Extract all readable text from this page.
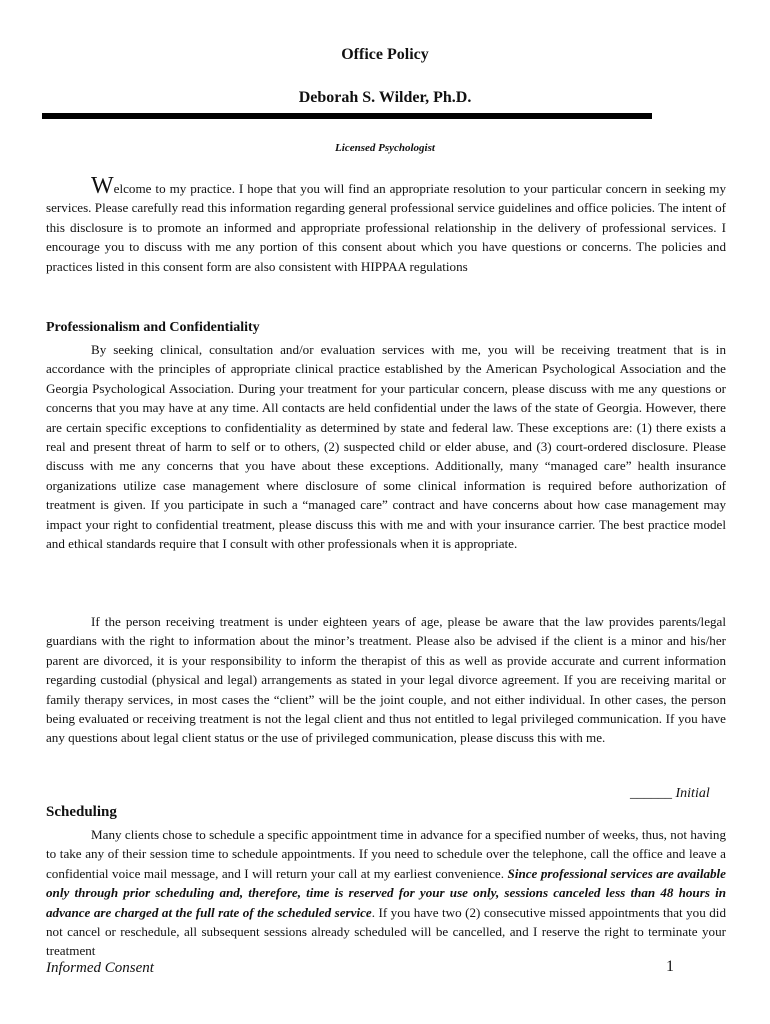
Office Policy
Deborah S. Wilder, Ph.D.
Licensed Psychologist

Welcome to my practice. I hope that you will find an appropriate resolution to your particular concern in seeking my services. Please carefully read this information regarding general professional service guidelines and office policies. The intent of this disclosure is to promote an informed and appropriate professional relationship in the delivery of professional services. I encourage you to discuss with me any portion of this consent about which you have questions or concerns. The policies and practices listed in this consent form are also consistent with HIPPAA regulations

Professionalism and Confidentiality

By seeking clinical, consultation and/or evaluation services with me, you will be receiving treatment that is in accordance with the principles of appropriate clinical practice established by the American Psychological Association and the Georgia Psychological Association. During your treatment for your particular concern, please discuss with me any questions or concerns that you may have at any time. All contacts are held confidential under the laws of the state of Georgia. However, there are certain specific exceptions to confidentiality as determined by state and federal law. These exceptions are: (1) there exists a real and present threat of harm to self or to others, (2) suspected child or elder abuse, and (3) court-ordered disclosure. Please discuss with me any concerns that you have about these exceptions. Additionally, many “managed care” health insurance organizations utilize case management where disclosure of some clinical information is required before authorization of treatment is given. If you participate in such a “managed care” contract and have concerns about how case management may impact your right to confidential treatment, please discuss this with me and with your insurance carrier. The best practice model and ethical standards require that I consult with other professionals when it is appropriate.

If the person receiving treatment is under eighteen years of age, please be aware that the law provides parents/legal guardians with the right to information about the minor’s treatment. Please also be advised if the client is a minor and his/her parent are divorced, it is your responsibility to inform the therapist of this as well as provide accurate and current information regarding custodial (physical and legal) arrangements as stated in your legal divorce agreement. If you are receiving marital or family therapy services, in most cases the “client” will be the joint couple, and not either individual. In other cases, the person being evaluated or receiving treatment is not the legal client and thus not entitled to legal privileged communication. If you have any questions about legal client status or the use of privileged communication, please discuss this with me.

______ Initial
Scheduling

Many clients chose to schedule a specific appointment time in advance for a specified number of weeks, thus, not having to take any of their session time to schedule appointments. If you need to schedule over the telephone, call the office and leave a confidential voice mail message, and I will return your call at my earliest convenience. Since professional services are available only through prior scheduling and, therefore, time is reserved for your use only, sessions canceled less than 48 hours in advance are charged at the full rate of the scheduled service. If you have two (2) consecutive missed appointments that you did not cancel or reschedule, all subsequent sessions already scheduled will be cancelled, and I reserve the right to terminate your treatment

Informed Consent	1
